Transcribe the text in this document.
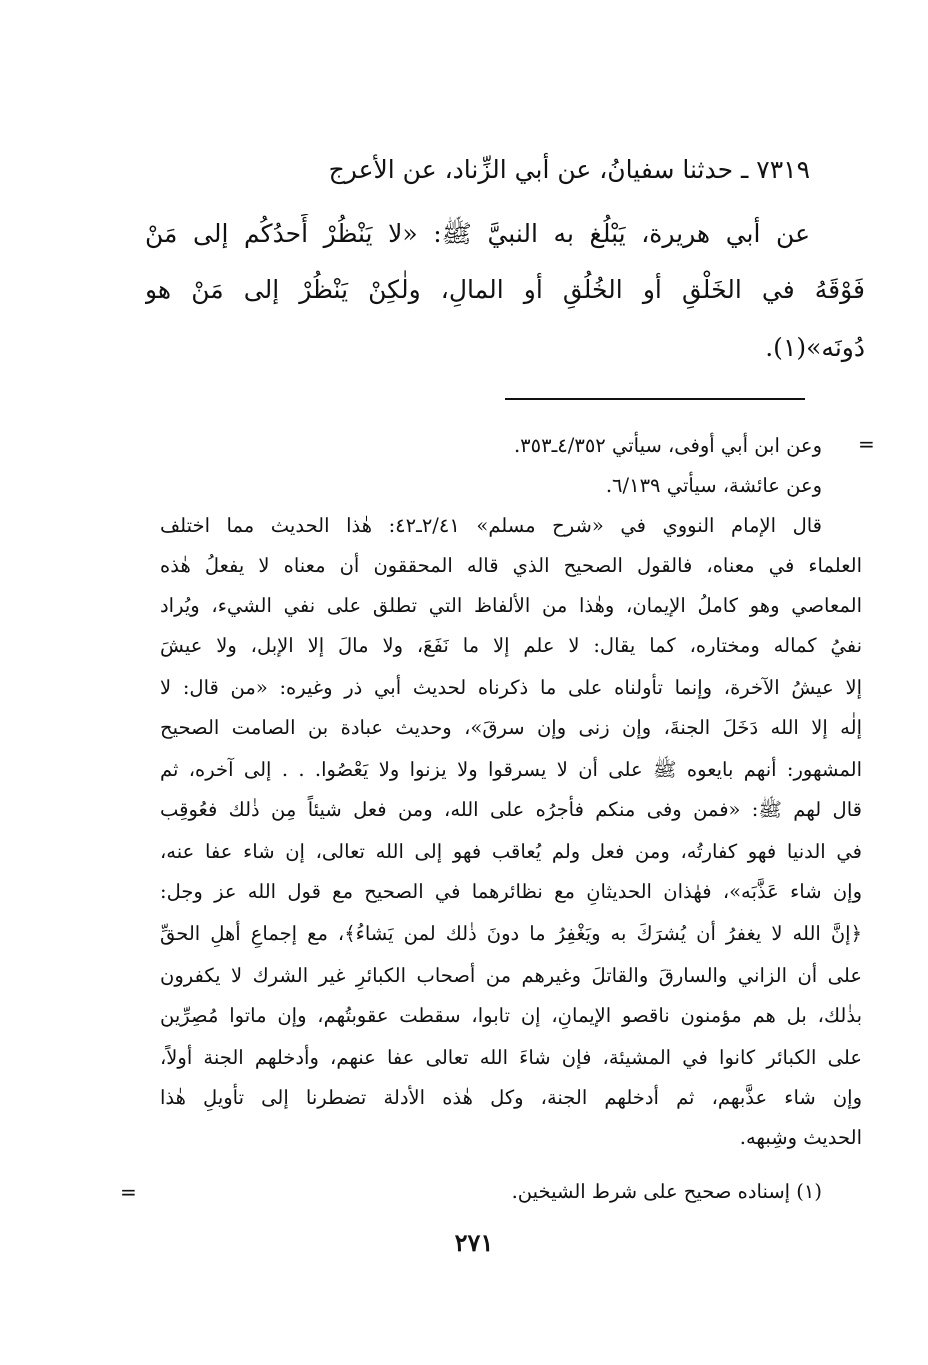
٧٣١٩ ـ حدثنا سفيانُ، عن أبي الزِّناد، عن الأعرج
عن أبي هريرة، يَبْلُغ به النبيَّ ﷺ: «لا يَنْظُرْ أَحدُكُم إلى مَنْ
فَوْقَهُ في الخَلْقِ أو الخُلُقِ أو المالِ، ولٰكِنْ يَنْظُرْ إلى مَنْ هو
دُونَه»(١).
=
وعن ابن أبي أوفى، سيأتي ٤/٣٥٢ـ٣٥٣.
وعن عائشة، سيأتي ٦/١٣٩.
قال الإمام النووي في «شرح مسلم» ٢/٤١ـ٤٢: هٰذا الحديث مما اختلف
العلماء في معناه، فالقول الصحيح الذي قاله المحققون أن معناه لا يفعلُ هٰذه
المعاصي وهو كاملُ الإيمان، وهٰذا من الألفاظ التي تطلق على نفي الشيء، ويُراد
نفيُ كماله ومختاره، كما يقال: لا علم إلا ما نَفَعَ، ولا مالَ إلا الإبل، ولا عيشَ
إلا عيشُ الآخرة، وإنما تأولناه على ما ذكرناه لحديث أبي ذر وغيره: «من قال: لا
إلٰه إلا الله دَخَلَ الجنةَ، وإن زنى وإن سرقَ»، وحديث عبادة بن الصامت الصحيح
المشهور: أنهم بايعوه ﷺ على أن لا يسرقوا ولا يزنوا ولا يَعْصُوا. . . إلى آخره، ثم
قال لهم ﷺ: «فمن وفى منكم فأجرُه على الله، ومن فعل شيئاً مِن ذٰلك فعُوقِب
في الدنيا فهو كفارتُه، ومن فعل ولم يُعاقب فهو إلى الله تعالى، إن شاء عفا عنه،
وإن شاء عَذَّبَه»، فهٰذان الحديثانِ مع نظائرهما في الصحيح مع قول الله عز وجل:
﴿إنَّ الله لا يغفرُ أن يُشرَكَ به ويَغْفِرُ ما دونَ ذٰلك لمن يَشاءُ﴾، مع إجماعِ أهلِ الحقِّ
على أن الزاني والسارقَ والقاتلَ وغيرهم من أصحاب الكبائرِ غير الشرك لا يكفرون
بذٰلك، بل هم مؤمنون ناقصو الإيمانِ، إن تابوا، سقطت عقوبتُهم، وإن ماتوا مُصِرِّين
على الكبائر كانوا في المشيئة، فإن شاءَ الله تعالى عفا عنهم، وأدخلهم الجنة أولاً،
وإن شاء عذَّبهم، ثم أدخلهم الجنة، وكل هٰذه الأدلة تضطرنا إلى تأويلِ هٰذا
الحديث وشِبهه.
(١) إسناده صحيح على شرط الشيخين.
=
٢٧١
